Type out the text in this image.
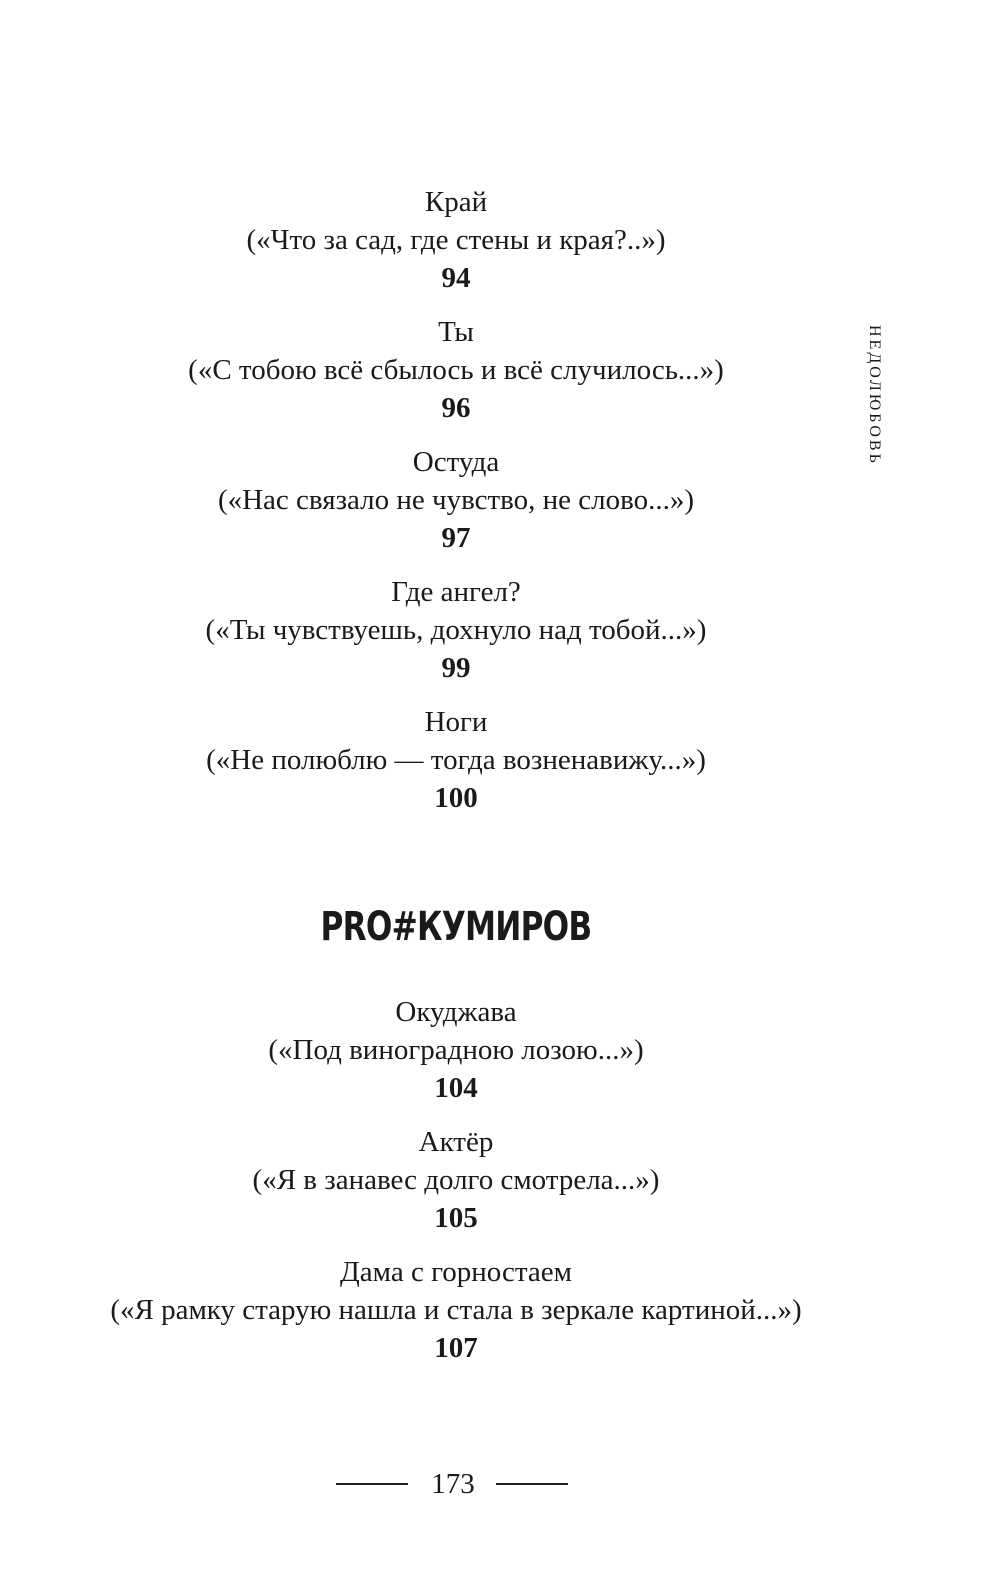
НЕДОЛЮБОВЬ
Край
(«Что за сад, где стены и края?..»)
94
Ты
(«С тобою всё сбылось и всё случилось...»)
96
Остуда
(«Нас связало не чувство, не слово...»)
97
Где ангел?
(«Ты чувствуешь, дохнуло над тобой...»)
99
Ноги
(«Не полюблю — тогда возненавижу...»)
100
PRO#КУМИРОВ
Окуджава
(«Под виноградною лозою...»)
104
Актёр
(«Я в занавес долго смотрела...»)
105
Дама с горностаем
(«Я рамку старую нашла и стала в зеркале картиной...»)
107
173
